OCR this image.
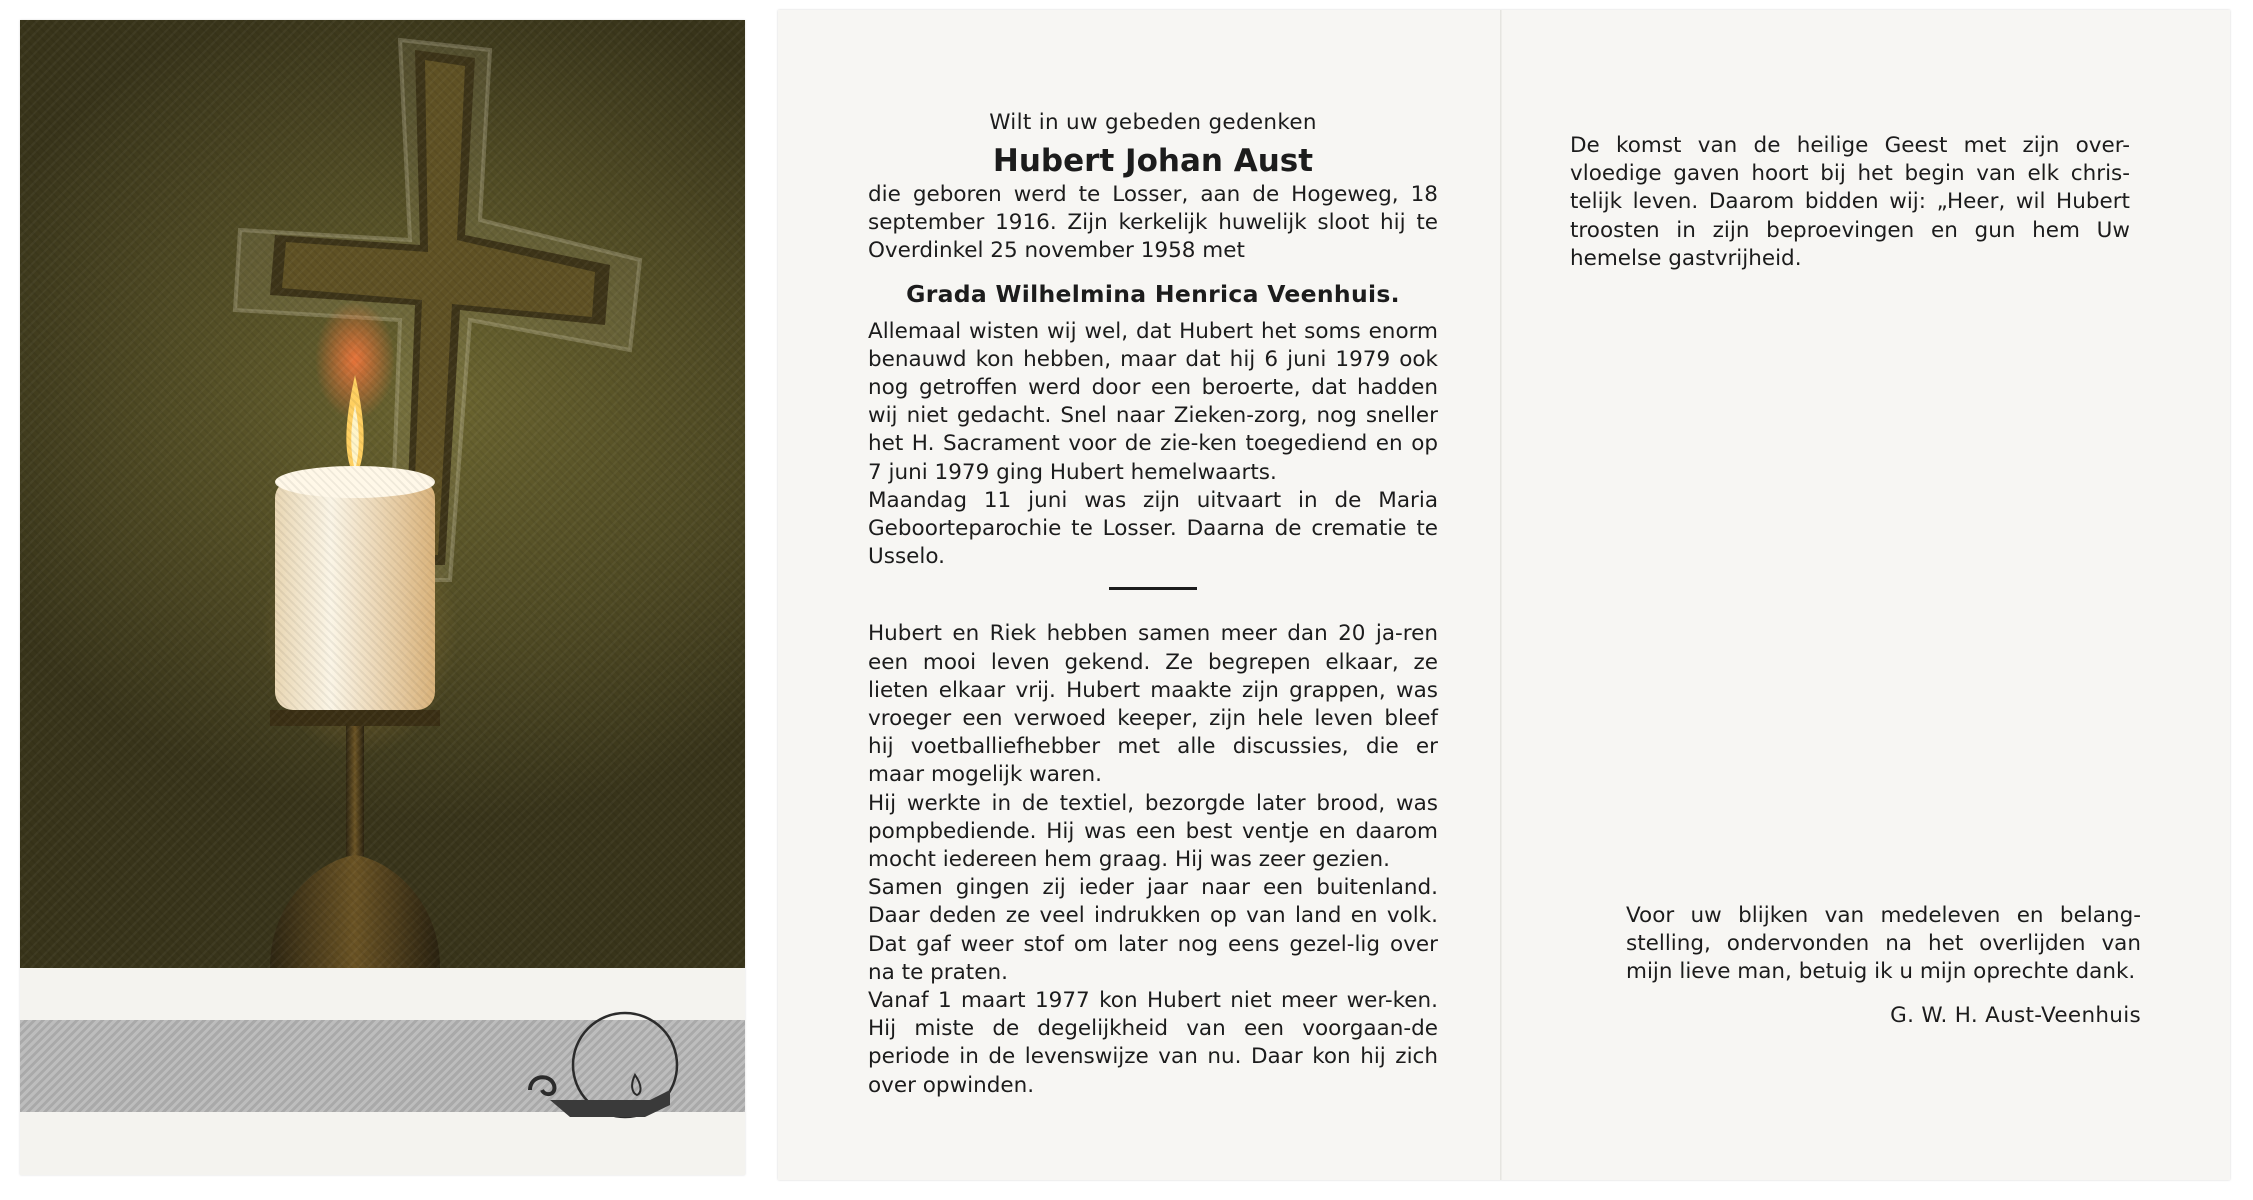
Wilt in uw gebeden gedenken

Hubert Johan Aust

die geboren werd te Losser, aan de Hogeweg, 18 september 1916. Zijn kerkelijk huwelijk sloot hij te Overdinkel 25 november 1958 met

Grada Wilhelmina Henrica Veenhuis.

Allemaal wisten wij wel, dat Hubert het soms enorm benauwd kon hebben, maar dat hij 6 juni 1979 ook nog getroffen werd door een beroerte, dat hadden wij niet gedacht. Snel naar Zieken-zorg, nog sneller het H. Sacrament voor de zie-ken toegediend en op 7 juni 1979 ging Hubert hemelwaarts.

Maandag 11 juni was zijn uitvaart in de Maria Geboorteparochie te Losser. Daarna de crematie te Usselo.

Hubert en Riek hebben samen meer dan 20 ja-ren een mooi leven gekend. Ze begrepen elkaar, ze lieten elkaar vrij. Hubert maakte zijn grappen, was vroeger een verwoed keeper, zijn hele leven bleef hij voetballiefhebber met alle discussies, die er maar mogelijk waren.

Hij werkte in de textiel, bezorgde later brood, was pompbediende. Hij was een best ventje en daarom mocht iedereen hem graag. Hij was zeer gezien.

Samen gingen zij ieder jaar naar een buitenland. Daar deden ze veel indrukken op van land en volk. Dat gaf weer stof om later nog eens gezel-lig over na te praten.

Vanaf 1 maart 1977 kon Hubert niet meer wer-ken. Hij miste de degelijkheid van een voorgaan-de periode in de levenswijze van nu. Daar kon hij zich over opwinden.

De komst van de heilige Geest met zijn over-vloedige gaven hoort bij het begin van elk chris-telijk leven. Daarom bidden wij: „Heer, wil Hubert troosten in zijn beproevingen en gun hem Uw hemelse gastvrijheid.

Voor uw blijken van medeleven en belang-stelling, ondervonden na het overlijden van mijn lieve man, betuig ik u mijn oprechte dank.

G. W. H. Aust-Veenhuis
